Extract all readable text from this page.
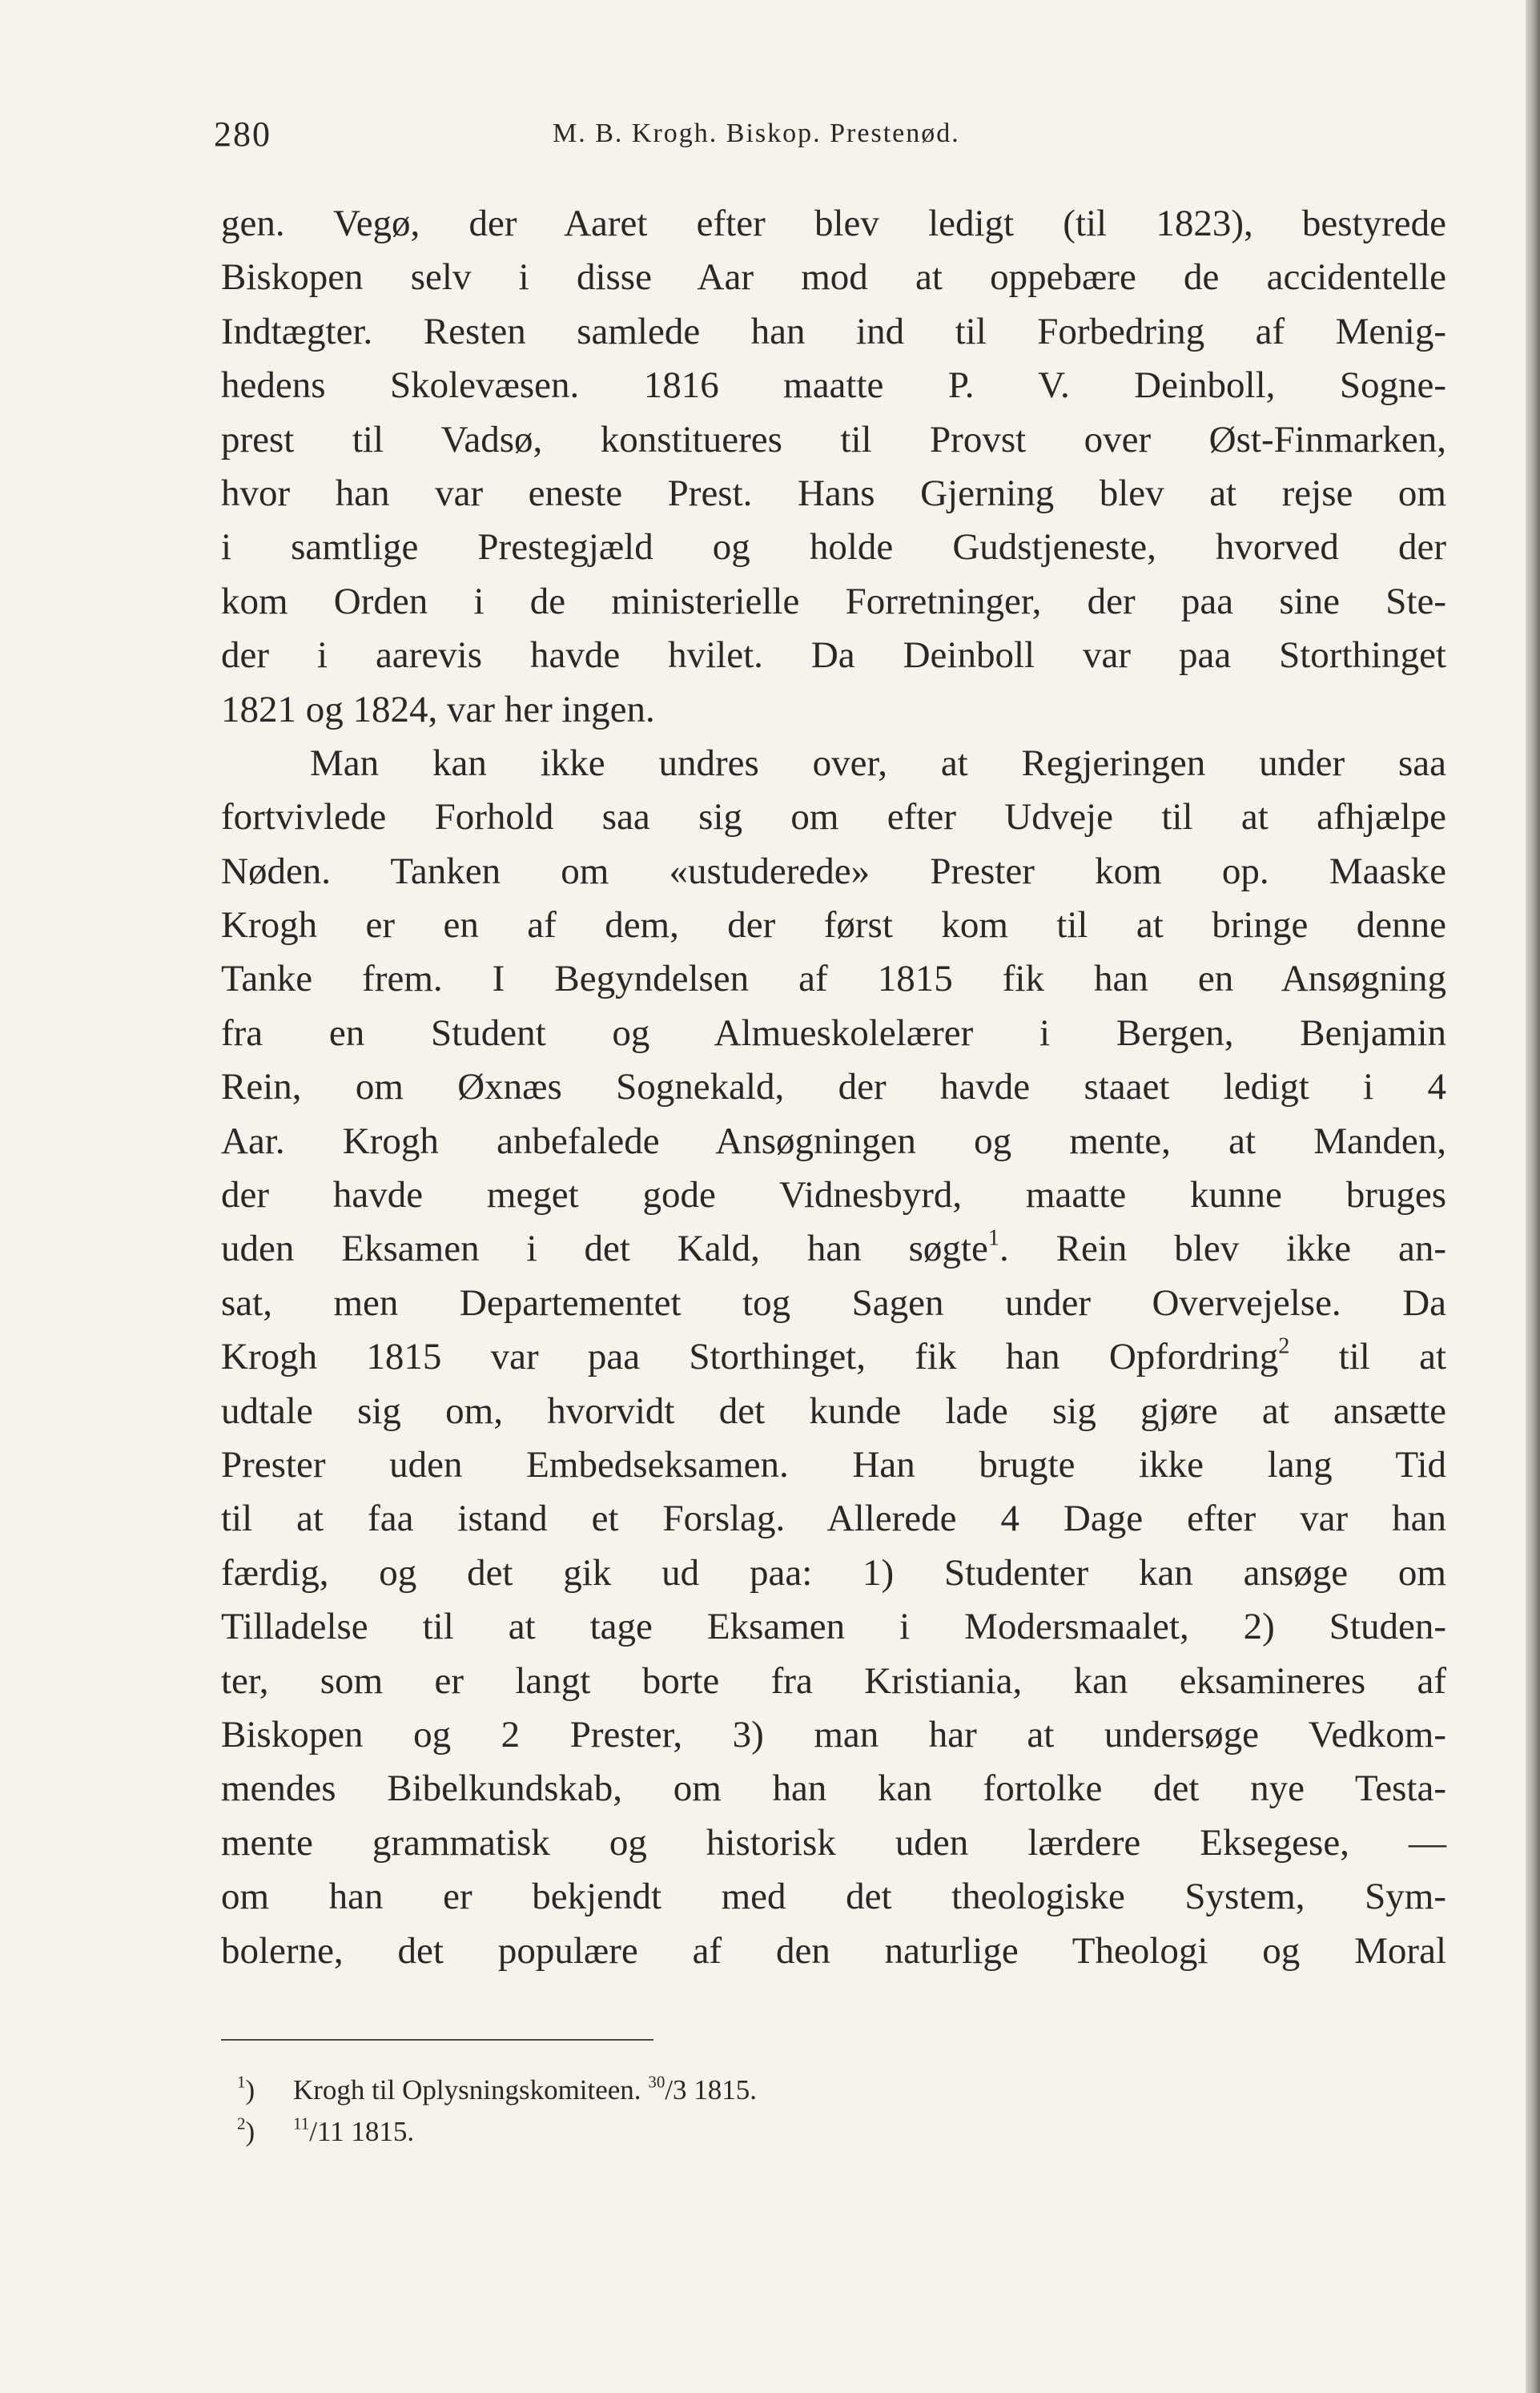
280	M. B. Krogh. Biskop. Prestenød.
gen. Vegø, der Aaret efter blev ledigt (til 1823), bestyrede
Biskopen selv i disse Aar mod at oppebære de accidentelle
Indtægter. Resten samlede han ind til Forbedring af Menig-
hedens Skolevæsen. 1816 maatte P. V. Deinboll, Sogne-
prest til Vadsø, konstitueres til Provst over Øst-Finmarken,
hvor han var eneste Prest. Hans Gjerning blev at rejse om
i samtlige Prestegjæld og holde Gudstjeneste, hvorved der
kom Orden i de ministerielle Forretninger, der paa sine Ste-
der i aarevis havde hvilet. Da Deinboll var paa Storthinget
1821 og 1824, var her ingen.
Man kan ikke undres over, at Regjeringen under saa
fortvivlede Forhold saa sig om efter Udveje til at afhjælpe
Nøden. Tanken om «ustuderede» Prester kom op. Maaske
Krogh er en af dem, der først kom til at bringe denne
Tanke frem. I Begyndelsen af 1815 fik han en Ansøgning
fra en Student og Almueskolelærer i Bergen, Benjamin
Rein, om Øxnæs Sognekald, der havde staaet ledigt i 4
Aar. Krogh anbefalede Ansøgningen og mente, at Manden,
der havde meget gode Vidnesbyrd, maatte kunne bruges
uden Eksamen i det Kald, han søgte$^1$. Rein blev ikke an-
sat, men Departementet tog Sagen under Overvejelse. Da
Krogh 1815 var paa Storthinget, fik han Opfordring$^2$ til at
udtale sig om, hvorvidt det kunde lade sig gjøre at ansætte
Prester uden Embedseksamen. Han brugte ikke lang Tid
til at faa istand et Forslag. Allerede 4 Dage efter var han
færdig, og det gik ud paa: 1) Studenter kan ansøge om
Tilladelse til at tage Eksamen i Modersmaalet, 2) Studen-
ter, som er langt borte fra Kristiania, kan eksamineres af
Biskopen og 2 Prester, 3) man har at undersøge Vedkom-
mendes Bibelkundskab, om han kan fortolke det nye Testa-
mente grammatisk og historisk uden lærdere Eksegese, —
om han er bekjendt med det theologiske System, Sym-
bolerne, det populære af den naturlige Theologi og Moral
$^1$) Krogh til Oplysningskomiteen. $^{30}$/3 1815.
$^2$) $^{11}$/11 1815.
